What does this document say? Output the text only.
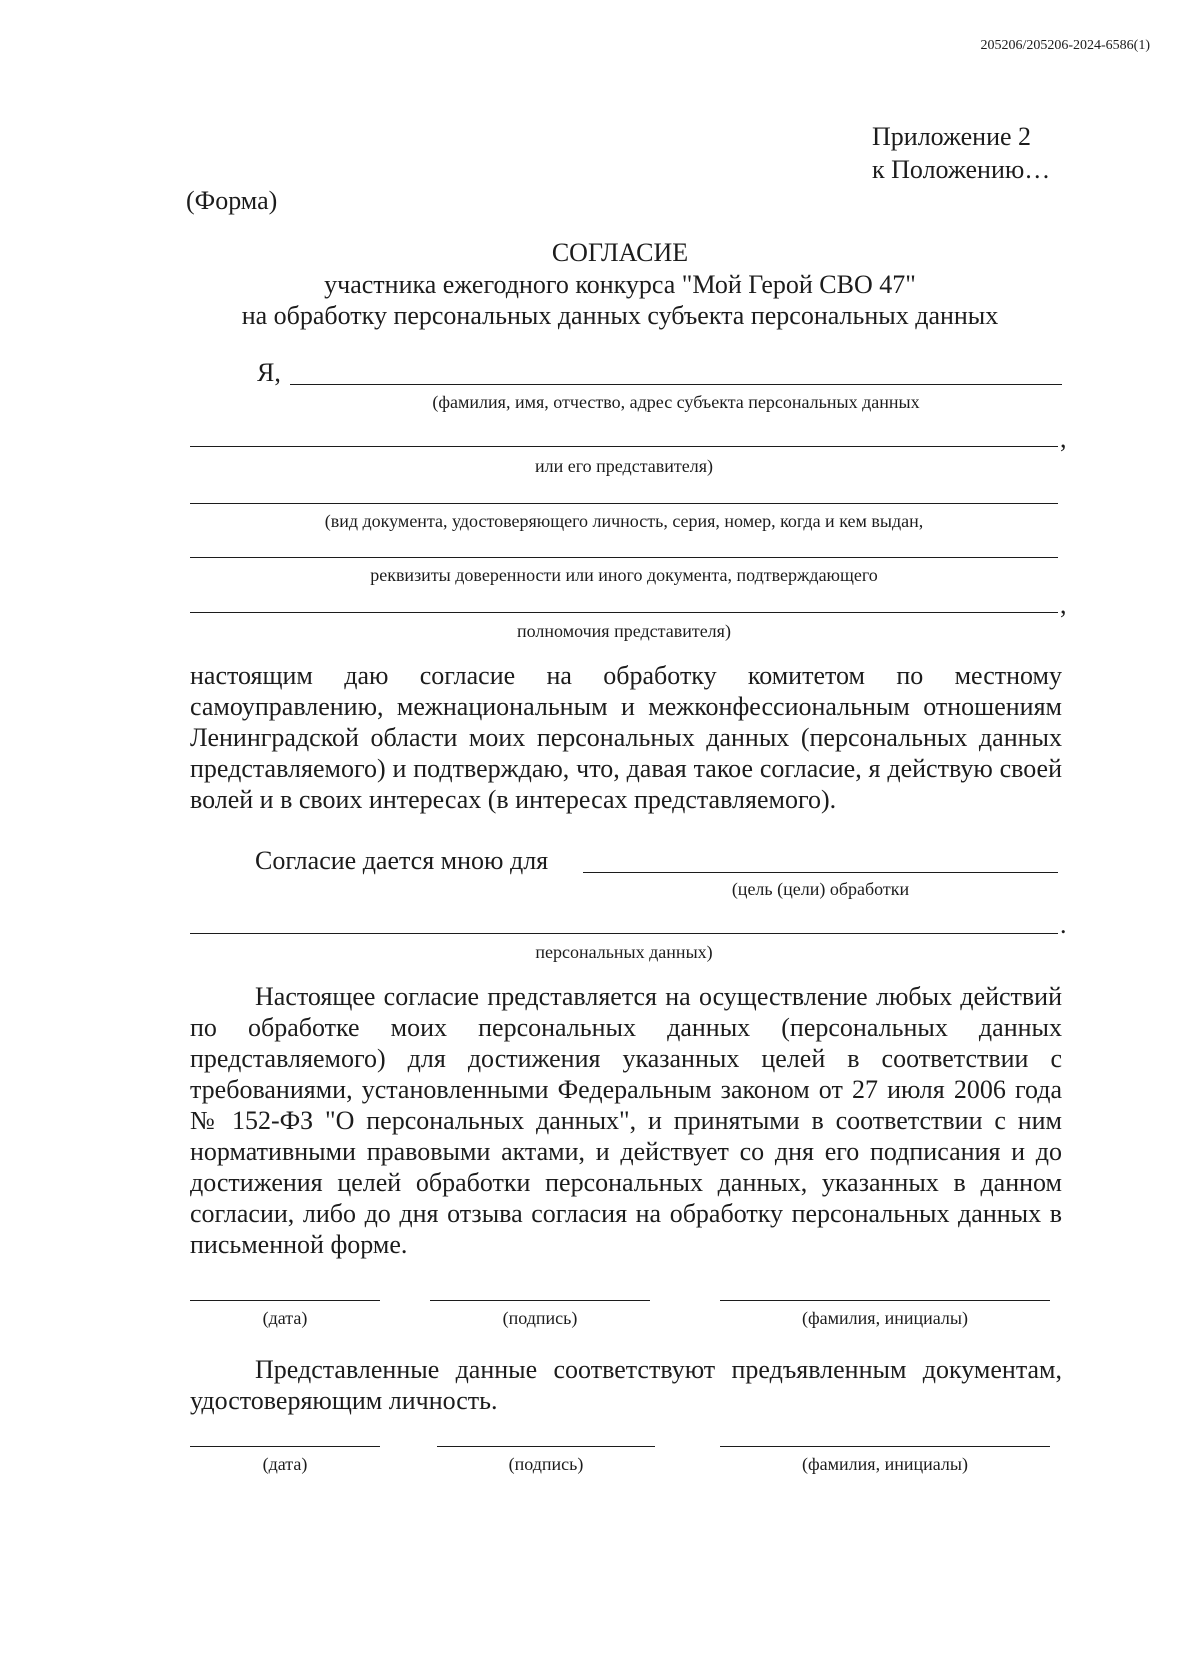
205206/205206-2024-6586(1)
Приложение 2
к Положению…
(Форма)
СОГЛАСИЕ
участника ежегодного конкурса "Мой Герой СВО 47"
на обработку персональных данных субъекта персональных данных
Я,
(фамилия, имя, отчество, адрес субъекта персональных данных
,
или его представителя)
(вид документа, удостоверяющего личность, серия, номер, когда и кем выдан,
реквизиты доверенности или иного документа, подтверждающего
,
полномочия представителя)

настоящим даю согласие на обработку комитетом по местному самоуправлению, межнациональным и межконфессиональным отношениям Ленинградской области моих персональных данных (персональных данных представляемого) и подтверждаю, что, давая такое согласие, я действую своей волей и в своих интересах (в интересах представляемого).

Согласие дается мною для
(цель (цели) обработки
.
персональных данных)

Настоящее согласие представляется на осуществление любых действий по обработке моих персональных данных (персональных данных представляемого) для достижения указанных целей в соответствии с требованиями, установленными Федеральным законом от 27 июля 2006 года № 152-ФЗ "О персональных данных", и принятыми в соответствии с ним нормативными правовыми актами, и действует со дня его подписания и до достижения целей обработки персональных данных, указанных в данном согласии, либо до дня отзыва согласия на обработку персональных данных в письменной форме.

(дата)	(подпись)	(фамилия, инициалы)

Представленные данные соответствуют предъявленным документам, удостоверяющим личность.

(дата)	(подпись)	(фамилия, инициалы)
